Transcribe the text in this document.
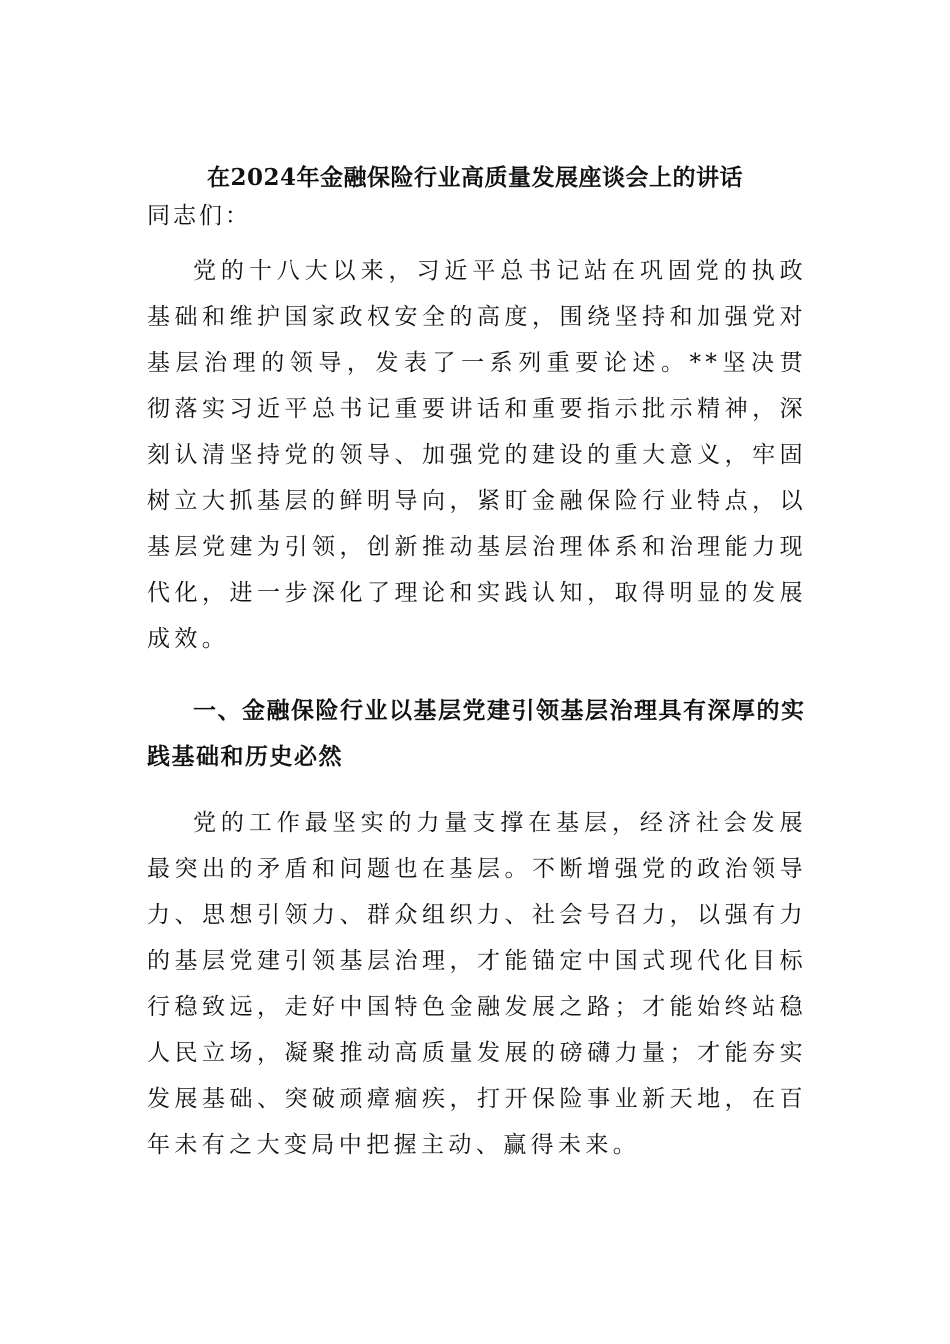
在2024年金融保险行业高质量发展座谈会上的讲话
同志们：

党的十八大以来，习近平总书记站在巩固党的执政基础和维护国家政权安全的高度，围绕坚持和加强党对基层治理的领导，发表了一系列重要论述。**坚决贯彻落实习近平总书记重要讲话和重要指示批示精神，深刻认清坚持党的领导、加强党的建设的重大意义，牢固树立大抓基层的鲜明导向，紧盯金融保险行业特点，以基层党建为引领，创新推动基层治理体系和治理能力现代化，进一步深化了理论和实践认知，取得明显的发展成效。

一、金融保险行业以基层党建引领基层治理具有深厚的实践基础和历史必然

党的工作最坚实的力量支撑在基层，经济社会发展最突出的矛盾和问题也在基层。不断增强党的政治领导力、思想引领力、群众组织力、社会号召力，以强有力的基层党建引领基层治理，才能锚定中国式现代化目标行稳致远，走好中国特色金融发展之路；才能始终站稳人民立场，凝聚推动高质量发展的磅礴力量；才能夯实发展基础、突破顽瘴痼疾，打开保险事业新天地，在百年未有之大变局中把握主动、赢得未来。
